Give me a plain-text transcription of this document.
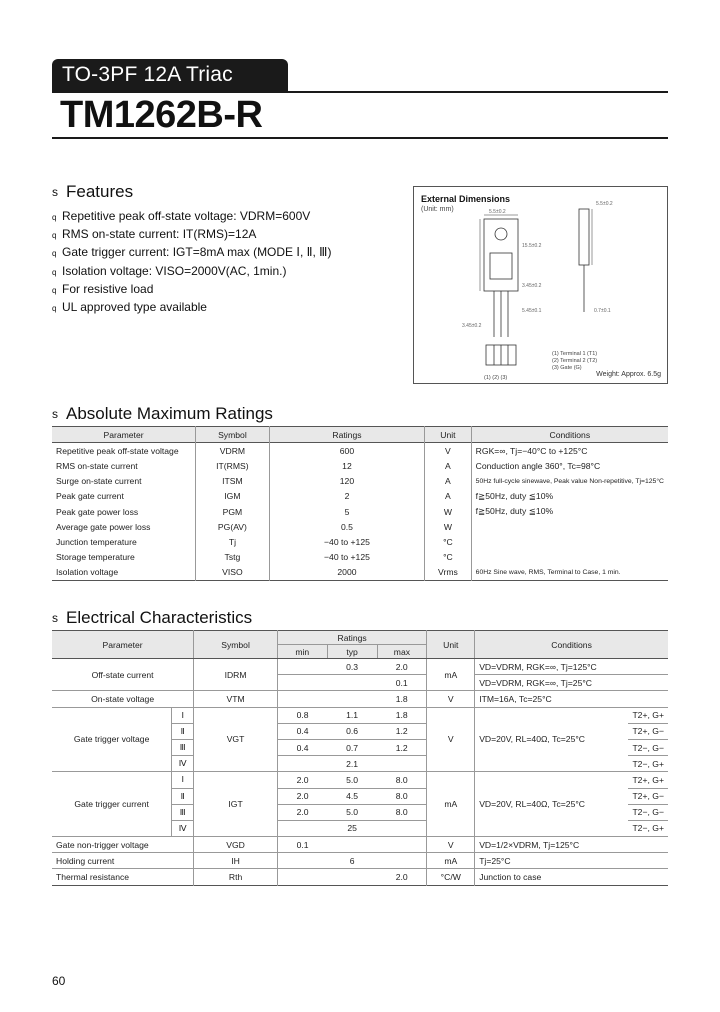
TO-3PF 12A Triac
TM1262B-R
s Features
q Repetitive peak off-state voltage: VDRM=600V
q RMS on-state current: IT(RMS)=12A
q Gate trigger current: IGT=8mA max (MODE Ⅰ, Ⅱ, Ⅲ)
q Isolation voltage: VISO=2000V(AC, 1min.)
q For resistive load
q UL approved type available
5.5±0.2
15.5±0.2
3.45±0.2
5.45±0.1
3.45±0.2
5.5±0.2
0.7±0.1
(1) Terminal 1 (T1)
(2) Terminal 2 (T2)
(3) Gate (G)
(1) (2) (3)
External Dimensions
(Unit: mm)
Weight: Approx. 6.5g
s Absolute Maximum Ratings
Parameter	Symbol	Ratings	Unit	Conditions
Repetitive peak off-state voltage	VDRM	600	V	RGK=∞, Tj=−40°C to +125°C
RMS on-state current	IT(RMS)	12	A	Conduction angle 360°, Tc=98°C
Surge on-state current	ITSM	120	A	50Hz full-cycle sinewave, Peak value Non-repetitive, Tj=125°C
Peak gate current	IGM	2	A	f≧50Hz, duty ≦10%
Peak gate power loss	PGM	5	W	f≧50Hz, duty ≦10%
Average gate power loss	PG(AV)	0.5	W	
Junction temperature	Tj	−40 to +125	°C	
Storage temperature	Tstg	−40 to +125	°C	
Isolation voltage	VISO	2000	Vrms	60Hz Sine wave, RMS, Terminal to Case, 1 min.
s Electrical Characteristics
Parameter		Symbol	Ratings			Unit	Conditions	
			min	typ	max			
Off-state current		IDRM		0.3	2.0	mA	VD=VDRM, RGK=∞, Tj=125°C	
					0.1		VD=VDRM, RGK=∞, Tj=25°C	
On-state voltage		VTM			1.8	V	ITM=16A, Tc=25°C	
Gate trigger voltage	Ⅰ	VGT	0.8	1.1	1.8	V	VD=20V, RL=40Ω, Tc=25°C	T2+, G+
	Ⅱ		0.4	0.6	1.2			T2+, G−
	Ⅲ		0.4	0.7	1.2			T2−, G−
	Ⅳ			2.1				T2−, G+
Gate trigger current	Ⅰ	IGT	2.0	5.0	8.0	mA	VD=20V, RL=40Ω, Tc=25°C	T2+, G+
	Ⅱ		2.0	4.5	8.0			T2+, G−
	Ⅲ		2.0	5.0	8.0			T2−, G−
	Ⅳ			25				T2−, G+
Gate non-trigger voltage		VGD	0.1			V	VD=1/2×VDRM, Tj=125°C	
Holding current		IH		6		mA	Tj=25°C	
Thermal resistance		Rth			2.0	°C/W	Junction to case	
60
